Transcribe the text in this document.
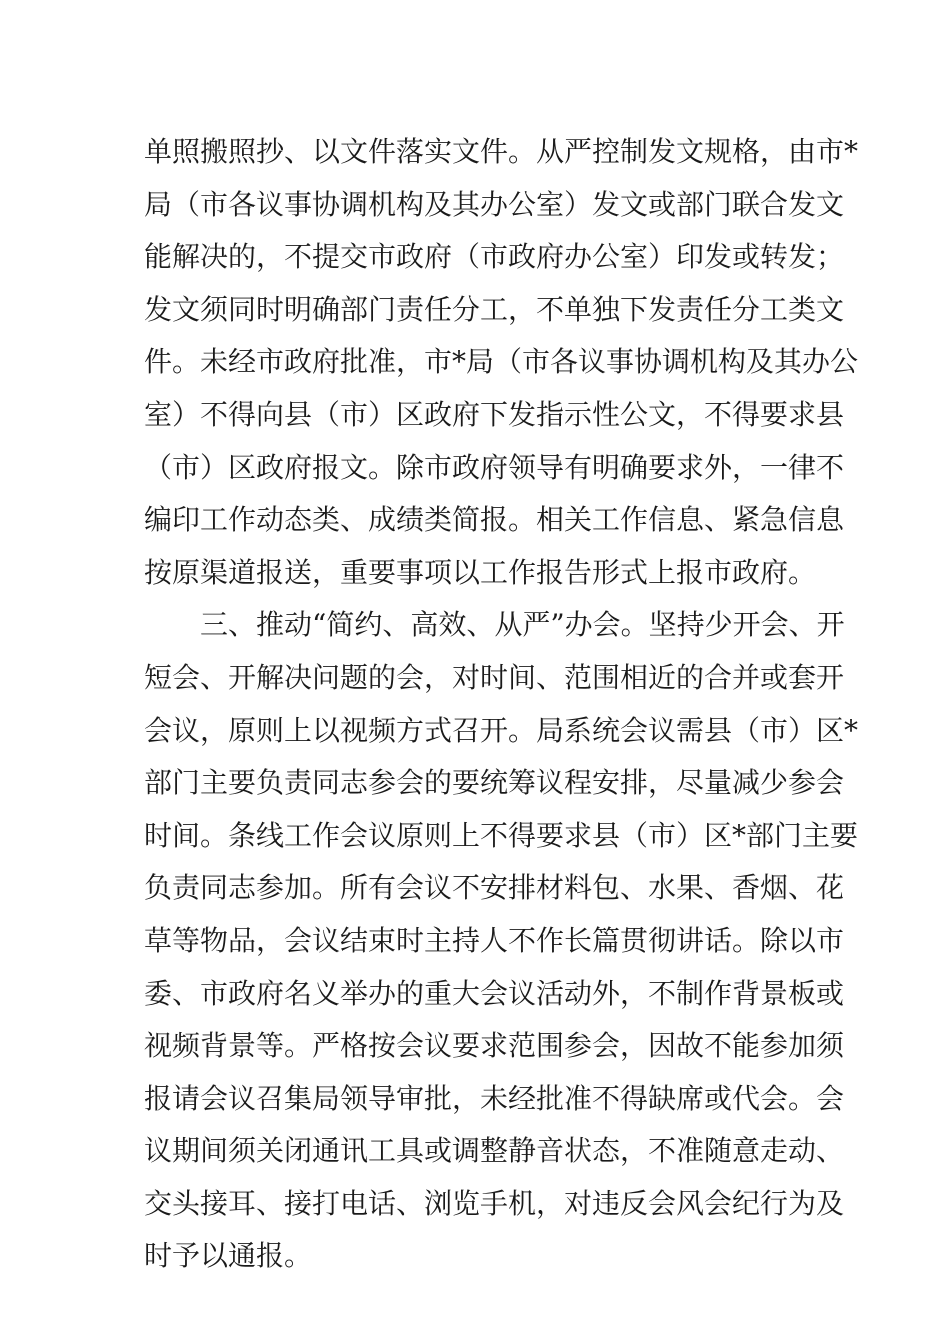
单照搬照抄、以文件落实文件。从严控制发文规格，由市*
局（市各议事协调机构及其办公室）发文或部门联合发文
能解决的，不提交市政府（市政府办公室）印发或转发；
发文须同时明确部门责任分工，不单独下发责任分工类文
件。未经市政府批准，市*局（市各议事协调机构及其办公
室）不得向县（市）区政府下发指示性公文，不得要求县
（市）区政府报文。除市政府领导有明确要求外，一律不
编印工作动态类、成绩类简报。相关工作信息、紧急信息
按原渠道报送，重要事项以工作报告形式上报市政府。
三、推动“简约、高效、从严”办会。坚持少开会、开
短会、开解决问题的会，对时间、范围相近的合并或套开
会议，原则上以视频方式召开。局系统会议需县（市）区*
部门主要负责同志参会的要统筹议程安排，尽量减少参会
时间。条线工作会议原则上不得要求县（市）区*部门主要
负责同志参加。所有会议不安排材料包、水果、香烟、花
草等物品，会议结束时主持人不作长篇贯彻讲话。除以市
委、市政府名义举办的重大会议活动外，不制作背景板或
视频背景等。严格按会议要求范围参会，因故不能参加须
报请会议召集局领导审批，未经批准不得缺席或代会。会
议期间须关闭通讯工具或调整静音状态，不准随意走动、
交头接耳、接打电话、浏览手机，对违反会风会纪行为及
时予以通报。
